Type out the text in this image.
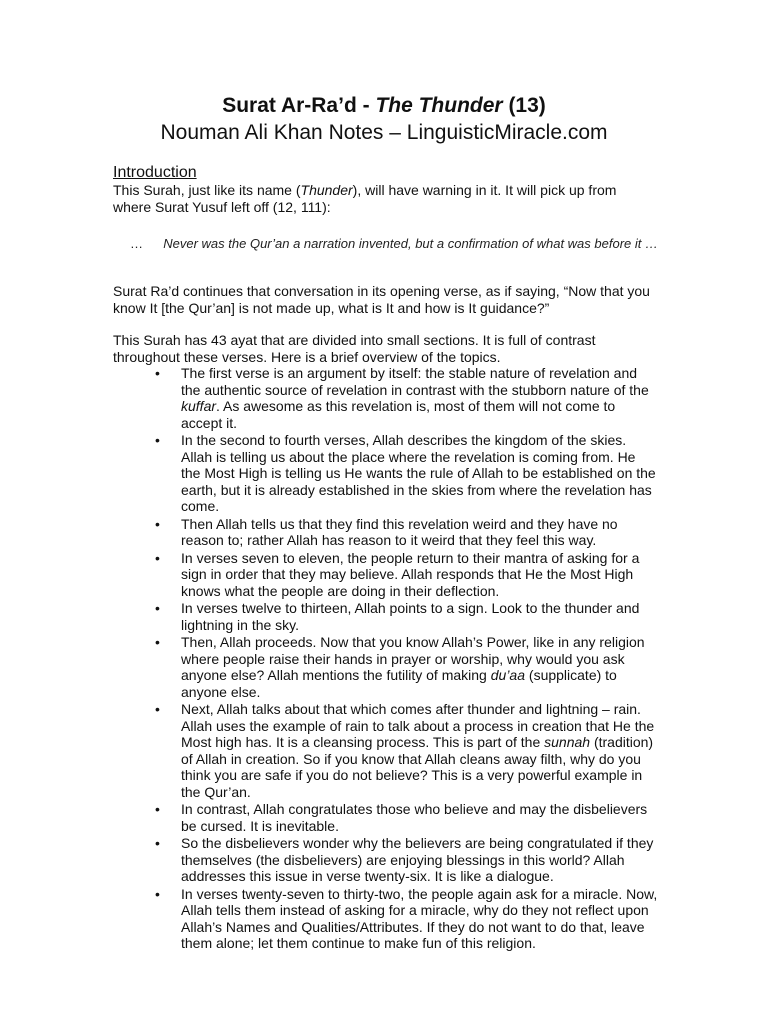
Surat Ar-Ra’d - The Thunder (13)
Nouman Ali Khan Notes – LinguisticMiracle.com
Introduction
This Surah, just like its name (Thunder), will have warning in it. It will pick up from where Surat Yusuf left off (12, 111):
… Never was the Qur’an a narration invented, but a confirmation of what was before it …
Surat Ra’d continues that conversation in its opening verse, as if saying, “Now that you know It [the Qur’an] is not made up, what is It and how is It guidance?”
This Surah has 43 ayat that are divided into small sections. It is full of contrast throughout these verses. Here is a brief overview of the topics.
• The first verse is an argument by itself: the stable nature of revelation and the authentic source of revelation in contrast with the stubborn nature of the kuffar. As awesome as this revelation is, most of them will not come to accept it.
• In the second to fourth verses, Allah describes the kingdom of the skies. Allah is telling us about the place where the revelation is coming from. He the Most High is telling us He wants the rule of Allah to be established on the earth, but it is already established in the skies from where the revelation has come.
• Then Allah tells us that they find this revelation weird and they have no reason to; rather Allah has reason to it weird that they feel this way.
• In verses seven to eleven, the people return to their mantra of asking for a sign in order that they may believe. Allah responds that He the Most High knows what the people are doing in their deflection.
• In verses twelve to thirteen, Allah points to a sign. Look to the thunder and lightning in the sky.
• Then, Allah proceeds. Now that you know Allah’s Power, like in any religion where people raise their hands in prayer or worship, why would you ask anyone else? Allah mentions the futility of making du’aa (supplicate) to anyone else.
• Next, Allah talks about that which comes after thunder and lightning – rain. Allah uses the example of rain to talk about a process in creation that He the Most high has. It is a cleansing process. This is part of the sunnah (tradition) of Allah in creation. So if you know that Allah cleans away filth, why do you think you are safe if you do not believe? This is a very powerful example in the Qur’an.
• In contrast, Allah congratulates those who believe and may the disbelievers be cursed. It is inevitable.
• So the disbelievers wonder why the believers are being congratulated if they themselves (the disbelievers) are enjoying blessings in this world? Allah addresses this issue in verse twenty-six. It is like a dialogue.
• In verses twenty-seven to thirty-two, the people again ask for a miracle. Now, Allah tells them instead of asking for a miracle, why do they not reflect upon Allah’s Names and Qualities/Attributes. If they do not want to do that, leave them alone; let them continue to make fun of this religion.
